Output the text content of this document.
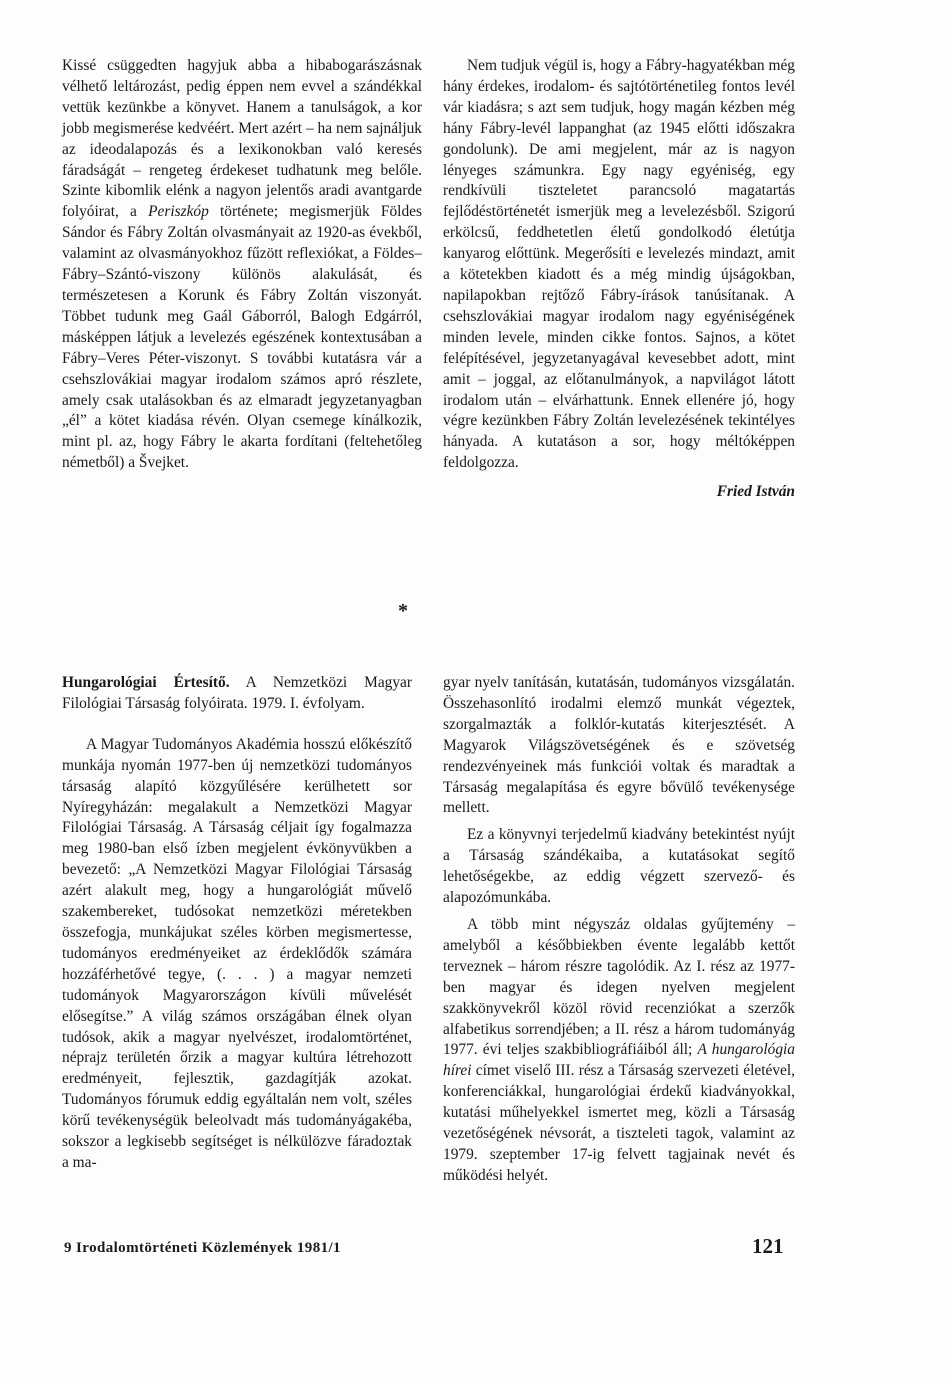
Kissé csüggedten hagyjuk abba a hibabogarászásnak vélhető leltározást, pedig éppen nem evvel a szándékkal vettük kezünkbe a könyvet. Hanem a tanulságok, a kor jobb megismerése kedvéért. Mert azért – ha nem sajnáljuk az ideodalapozás és a lexikonokban való keresés fáradságát – rengeteg érdekeset tudhatunk meg belőle. Szinte kibomlik elénk a nagyon jelentős aradi avantgarde folyóirat, a Periszkóp története; megismerjük Földes Sándor és Fábry Zoltán olvasmányait az 1920-as évekből, valamint az olvasmányokhoz fűzött reflexiókat, a Földes–Fábry–Szántó-viszony különös alakulását, és természetesen a Korunk és Fábry Zoltán viszonyát. Többet tudunk meg Gaál Gáborról, Balogh Edgárról, másképpen látjuk a levelezés egészének kontextusában a Fábry–Veres Péter-viszonyt. S további kutatásra vár a csehszlovákiai magyar irodalom számos apró részlete, amely csak utalásokban és az elmaradt jegyzetanyagban „él” a kötet kiadása révén. Olyan csemege kínálkozik, mint pl. az, hogy Fábry le akarta fordítani (feltehetőleg németből) a Švejket.

Nem tudjuk végül is, hogy a Fábry-hagyatékban még hány érdekes, irodalom- és sajtótörténetileg fontos levél vár kiadásra; s azt sem tudjuk, hogy magán kézben még hány Fábry-levél lappanghat (az 1945 előtti időszakra gondolunk). De ami megjelent, már az is nagyon lényeges számunkra. Egy nagy egyéniség, egy rendkívüli tiszteletet parancsoló magatartás fejlődéstörténetét ismerjük meg a levelezésből. Szigorú erkölcsű, feddhetetlen életű gondolkodó életútja kanyarog előttünk. Megerősíti e levelezés mindazt, amit a kötetekben kiadott és a még mindig újságokban, napilapokban rejtőző Fábry-írások tanúsítanak. A csehszlovákiai magyar irodalom nagy egyéniségének minden levele, minden cikke fontos. Sajnos, a kötet felépítésével, jegyzetanyagával kevesebbet adott, mint amit – joggal, az előtanulmányok, a napvilágot látott irodalom után – elvárhattunk. Ennek ellenére jó, hogy végre kezünkben Fábry Zoltán levelezésének tekintélyes hányada. A kutatáson a sor, hogy méltóképpen feldolgozza.

Fried István

*

Hungarológiai Értesítő. A Nemzetközi Magyar Filológiai Társaság folyóirata. 1979. I. évfolyam.

A Magyar Tudományos Akadémia hosszú előkészítő munkája nyomán 1977-ben új nemzetközi tudományos társaság alapító közgyűlésére kerülhetett sor Nyíregyházán: megalakult a Nemzetközi Magyar Filológiai Társaság. A Társaság céljait így fogalmazza meg 1980-ban első ízben megjelent évkönyvükben a bevezető: „A Nemzetközi Magyar Filológiai Társaság azért alakult meg, hogy a hungarológiát művelő szakembereket, tudósokat nemzetközi méretekben összefogja, munkájukat széles körben megismertesse, tudományos eredményeiket az érdeklődők számára hozzáférhetővé tegye, (. . . ) a magyar nemzeti tudományok Magyarországon kívüli művelését elősegítse.” A világ számos országában élnek olyan tudósok, akik a magyar nyelvészet, irodalomtörténet, néprajz területén őrzik a magyar kultúra létrehozott eredményeit, fejlesztik, gazdagítják azokat. Tudományos fórumuk eddig egyáltalán nem volt, széles körű tevékenységük beleolvadt más tudományágakéba, sokszor a legkisebb segítséget is nélkülözve fáradoztak a ma-

gyar nyelv tanításán, kutatásán, tudományos vizsgálatán. Összehasonlító irodalmi elemző munkát végeztek, szorgalmazták a folklór-kutatás kiterjesztését. A Magyarok Világszövetségének és e szövetség rendezvényeinek más funkciói voltak és maradtak a Társaság megalapítása és egyre bővülő tevékenysége mellett.

Ez a könyvnyi terjedelmű kiadvány betekintést nyújt a Társaság szándékaiba, a kutatásokat segítő lehetőségekbe, az eddig végzett szervező- és alapozómunkába.

A több mint négyszáz oldalas gyűjtemény – amelyből a későbbiekben évente legalább kettőt terveznek – három részre tagolódik. Az I. rész az 1977-ben magyar és idegen nyelven megjelent szakkönyvekről közöl rövid recenziókat a szerzők alfabetikus sorrendjében; a II. rész a három tudományág 1977. évi teljes szakbibliográfiáiból áll; A hungarológia hírei címet viselő III. rész a Társaság szervezeti életével, konferenciákkal, hungarológiai érdekű kiadványokkal, kutatási műhelyekkel ismertet meg, közli a Társaság vezetőségének névsorát, a tiszteleti tagok, valamint az 1979. szeptember 17-ig felvett tagjainak nevét és működési helyét.

9 Irodalomtörténeti Közlemények 1981/1	121
